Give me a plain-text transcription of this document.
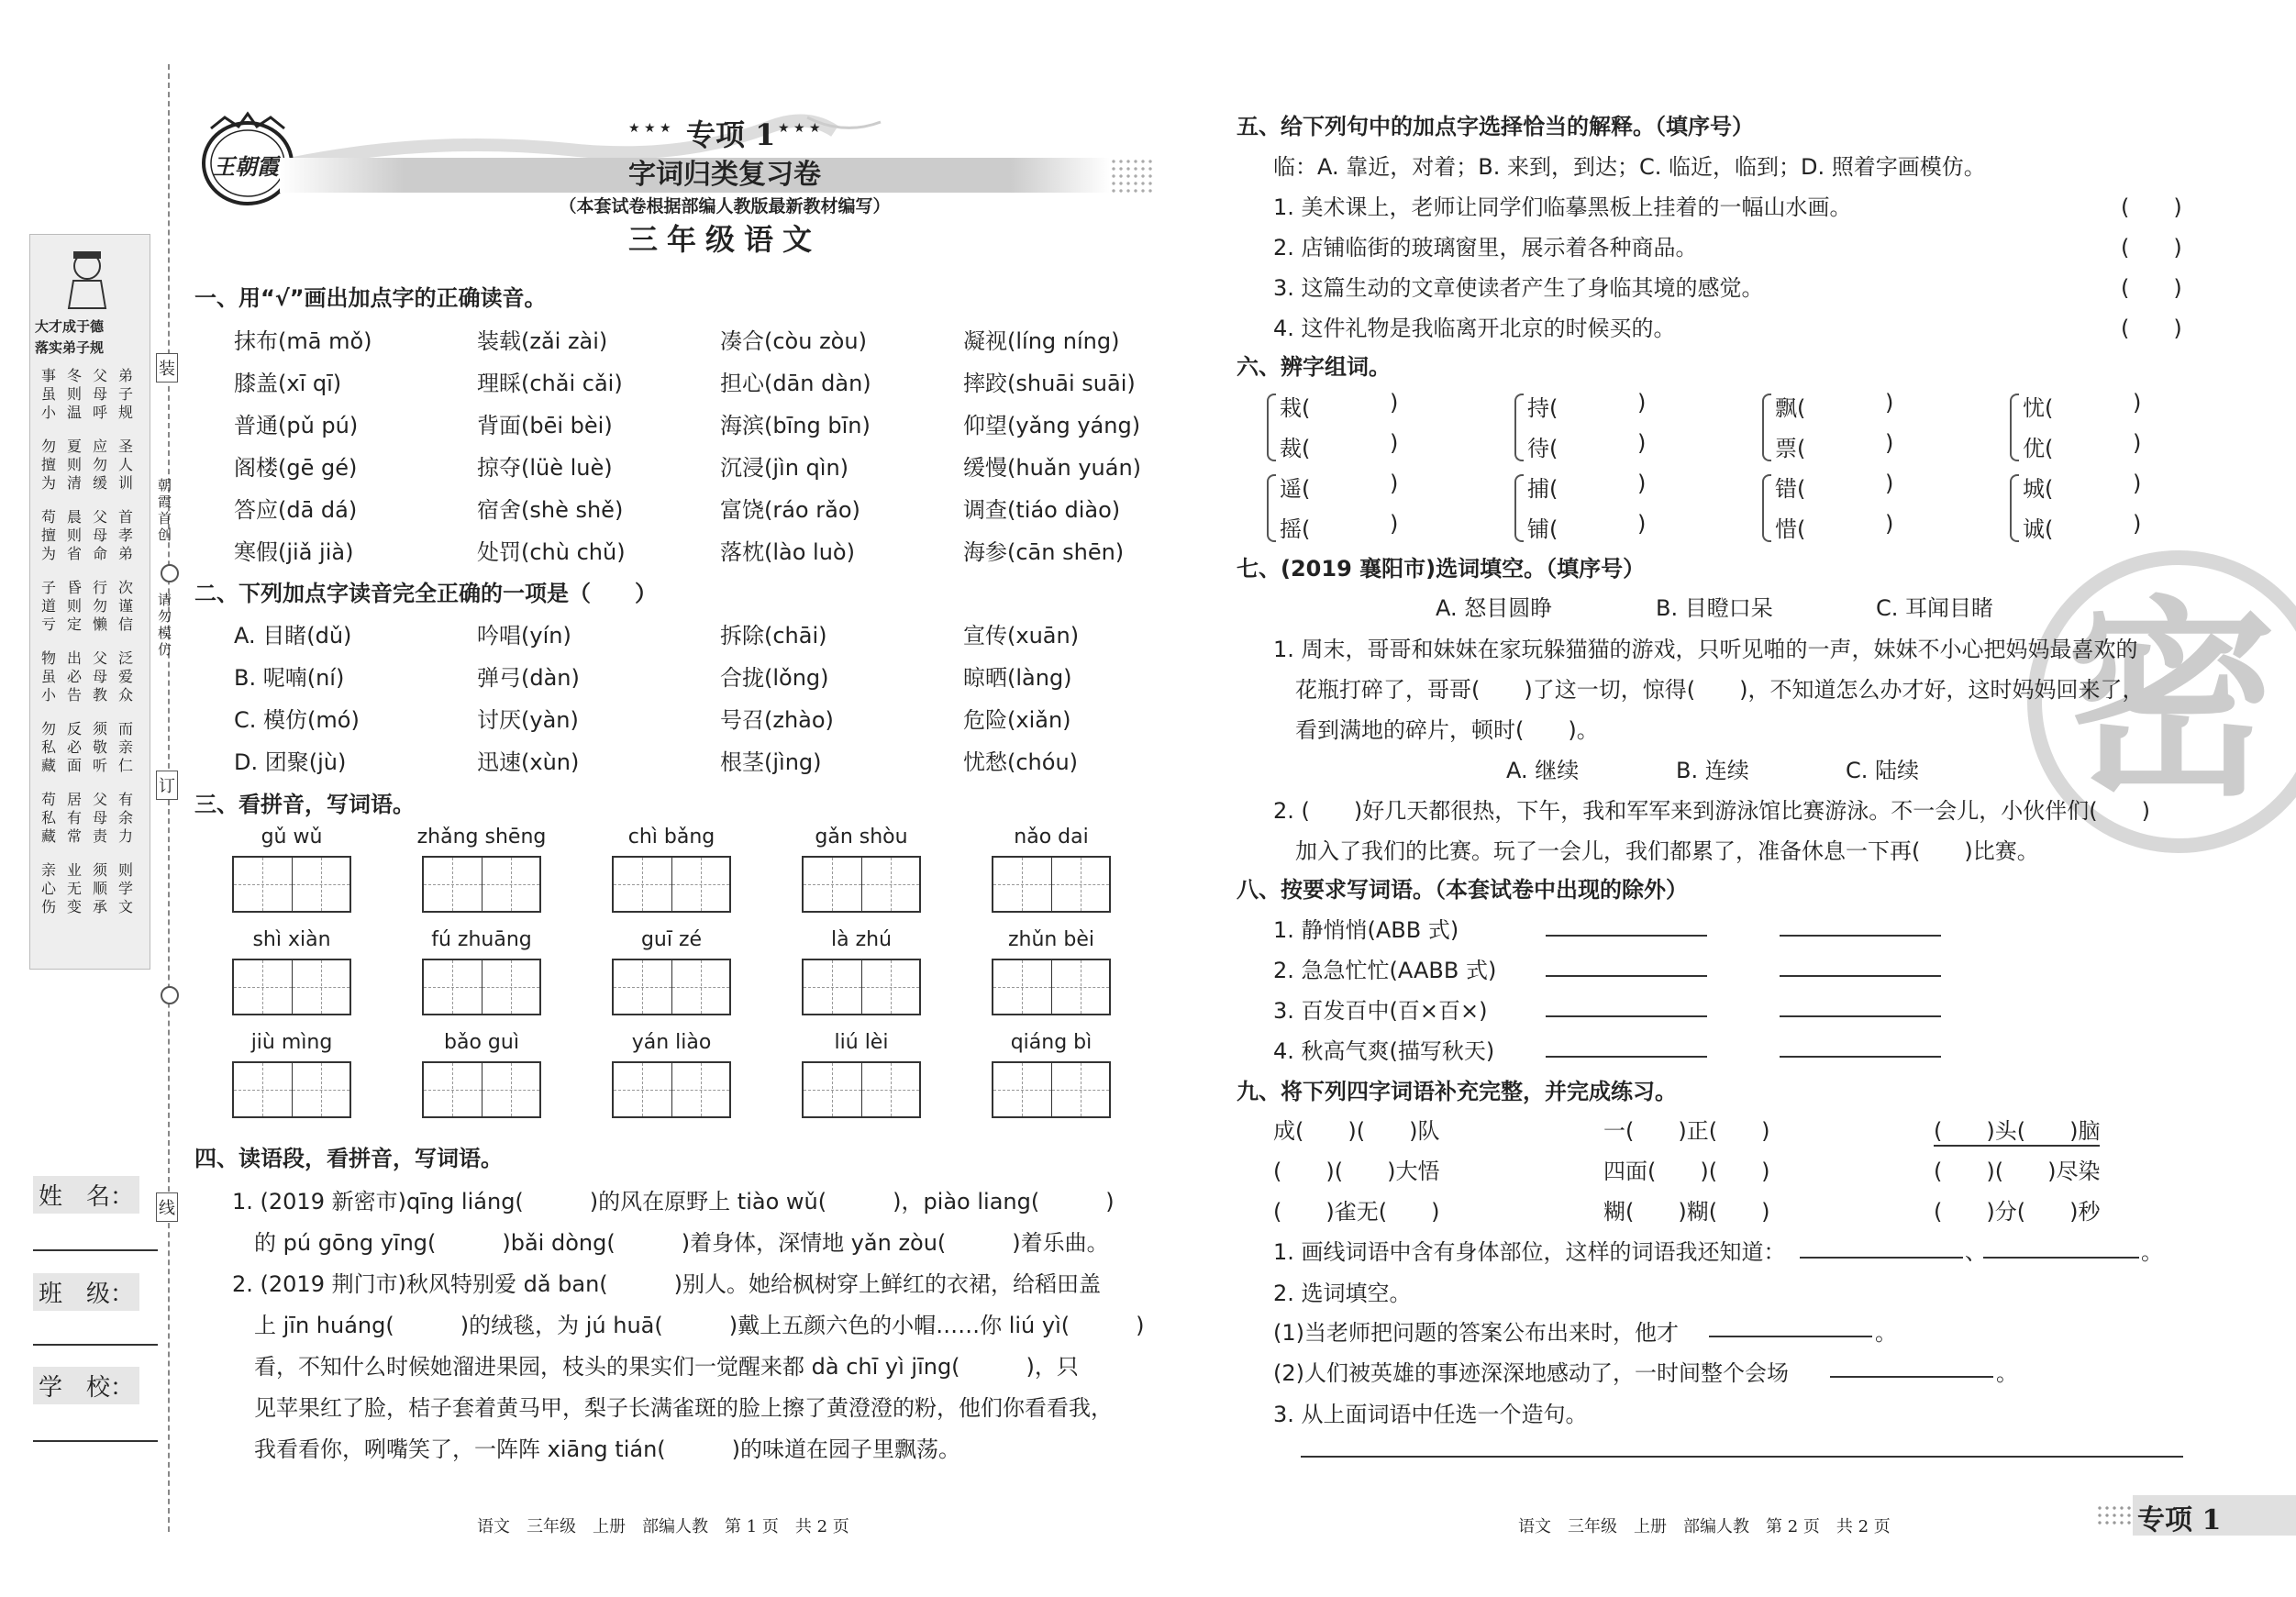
大才成于德
落实弟子规
装
朝霞首创
请勿模仿
订
线
姓　名：
班　级：
学　校：
王朝霞
★ ★ ★ 专项 1 ★ ★ ★
字词归类复习卷
（本套试卷根据部编人教版最新教材编写）
三年级语文
一、用“√”画出加点字的正确读音。
二、下列加点字读音完全正确的一项是（　　）
三、看拼音，写词语。
四、读语段，看拼音，写词语。
语文　三年级　上册　部编人教　第 1 页　共 2 页
五、给下列句中的加点字选择恰当的解释。（填序号）
临：A. 靠近，对着；B. 来到，到达；C. 临近，临到；D. 照着字画模仿。
六、辨字组词。
七、(2019 襄阳市)选词填空。（填序号）
八、按要求写词语。（本套试卷中出现的除外）
九、将下列四字词语补充完整，并完成练习。
1. 画线词语中含有身体部位，这样的词语我还知道：	、	。
2. 选词填空。
(1)当老师把问题的答案公布出来时，他才	。
(2)人们被英雄的事迹深深地感动了，一时间整个会场	。
3. 从上面词语中任选一个造句。
语文　三年级　上册　部编人教　第 2 页　共 2 页	专项 1
密
事虽小
冬则温
父母呼
弟子规
勿擅为
夏则清
应勿缓
圣人训
苟擅为
晨则省
父母命
首孝弟
子道亏
昏则定
行勿懒
次谨信
物虽小
出必告
父母教
泛爱众
勿私藏
反必面
须敬听
而亲仁
苟私藏
居有常
父母责
有余力
亲心伤
业无变
须顺承
则学文
抹布(mā mǒ)	装载(zǎi zài)	凑合(còu zòu)	凝视(líng níng)
膝盖(xī qī)	理睬(chǎi cǎi)	担心(dān dàn)	摔跤(shuāi suāi)
普通(pǔ pú)	背面(bēi bèi)	海滨(bīng bīn)	仰望(yǎng yáng)
阁楼(gē gé)	掠夺(lüè luè)	沉浸(jìn qìn)	缓慢(huǎn yuán)
答应(dā dá)	宿舍(shè shě)	富饶(ráo rǎo)	调查(tiáo diào)
寒假(jiǎ jià)	处罚(chù chǔ)	落枕(lào luò)	海参(cān shēn)
A. 目睹(dǔ)	吟唱(yín)	拆除(chāi)	宣传(xuān)
B. 呢喃(ní)	弹弓(dàn)	合拢(lǒng)	晾晒(làng)
C. 模仿(mó)	讨厌(yàn)	号召(zhào)	危险(xiǎn)
D. 团聚(jù)	迅速(xùn)	根茎(jìng)	忧愁(chóu)
gǔ wǔ	zhǎng shēng	chì bǎng	gǎn shòu	nǎo dai
shì xiàn	fú zhuāng	guī zé	là zhú	zhǔn bèi
jiù mìng	bǎo guì	yán liào	liú lèi	qiáng bì
1. (2019 新密市)qīng liáng(　　　)的风在原野上 tiào wǔ(　　　)，piào liang(　　　)
　的 pú gōng yīng(　　　)bǎi dòng(　　　)着身体，深情地 yǎn zòu(　　　)着乐曲。
2. (2019 荆门市)秋风特别爱 dǎ ban(　　　)别人。她给枫树穿上鲜红的衣裙，给稻田盖
　上 jīn huáng(　　　)的绒毯，为 jú huā(　　　)戴上五颜六色的小帽……你 liú yì(　　　)
　看，不知什么时候她溜进果园，枝头的果实们一觉醒来都 dà chī yì jīng(　　　)，只
　见苹果红了脸，桔子套着黄马甲，梨子长满雀斑的脸上擦了黄澄澄的粉，他们你看看我，
　我看看你，咧嘴笑了，一阵阵 xiāng tián(　　　)的味道在园子里飘荡。
1. 美术课上，老师让同学们临摹黑板上挂着的一幅山水画。	(　　)
2. 店铺临街的玻璃窗里，展示着各种商品。	(　　)
3. 这篇生动的文章使读者产生了身临其境的感觉。	(　　)
4. 这件礼物是我临离开北京的时候买的。	(　　)
栽(	)
裁(	)
持(	)
待(	)
飘(	)
票(	)
忧(	)
优(	)
遥(	)
摇(	)
捕(	)
铺(	)
错(	)
惜(	)
城(	)
诚(	)
A. 怒目圆睁	B. 目瞪口呆	C. 耳闻目睹
1. 周末，哥哥和妹妹在家玩躲猫猫的游戏，只听见啪的一声，妹妹不小心把妈妈最喜欢的
　花瓶打碎了，哥哥(　　)了这一切，惊得(　　)，不知道怎么办才好，这时妈妈回来了，
　看到满地的碎片，顿时(　　)。
A. 继续	B. 连续	C. 陆续
2. (　　)好几天都很热，下午，我和军军来到游泳馆比赛游泳。不一会儿，小伙伴们(　　)
　加入了我们的比赛。玩了一会儿，我们都累了，准备休息一下再(　　)比赛。
1. 静悄悄(ABB 式)
2. 急急忙忙(AABB 式)
3. 百发百中(百×百×)
4. 秋高气爽(描写秋天)
成(　　)(　　)队	一(　　)正(　　)	(　　)头(　　)脑
(　　)(　　)大悟	四面(　　)(　　)	(　　)(　　)尽染
(　　)雀无(　　)	糊(　　)糊(　　)	(　　)分(　　)秒
